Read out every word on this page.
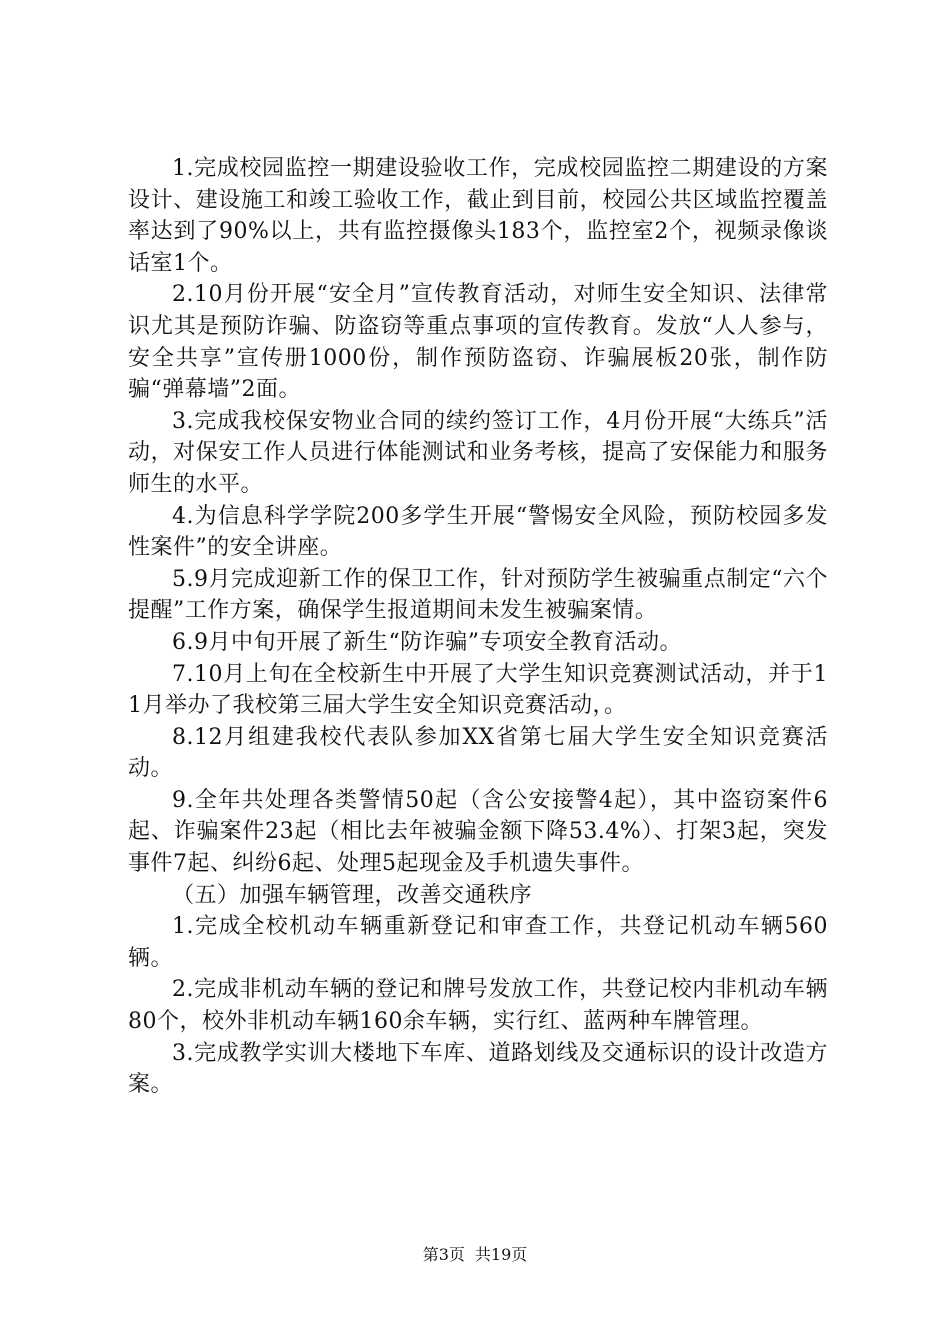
1.完成校园监控一期建设验收工作，完成校园监控二期建设的方案设计、建设施工和竣工验收工作，截止到目前，校园公共区域监控覆盖率达到了90%以上，共有监控摄像头183个，监控室2个，视频录像谈话室1个。

2.10月份开展“安全月”宣传教育活动，对师生安全知识、法律常识尤其是预防诈骗、防盗窃等重点事项的宣传教育。发放“人人参与，安全共享”宣传册1000份，制作预防盗窃、诈骗展板20张，制作防骗“弹幕墙”2面。

3.完成我校保安物业合同的续约签订工作，4月份开展“大练兵”活动，对保安工作人员进行体能测试和业务考核，提高了安保能力和服务师生的水平。

4.为信息科学学院200多学生开展“警惕安全风险，预防校园多发性案件”的安全讲座。

5.9月完成迎新工作的保卫工作，针对预防学生被骗重点制定“六个提醒”工作方案，确保学生报道期间未发生被骗案情。

6.9月中旬开展了新生“防诈骗”专项安全教育活动。

7.10月上旬在全校新生中开展了大学生知识竞赛测试活动，并于11月举办了我校第三届大学生安全知识竞赛活动，。

8.12月组建我校代表队参加XX省第七届大学生安全知识竞赛活动。

9.全年共处理各类警情50起（含公安接警4起），其中盗窃案件6起、诈骗案件23起（相比去年被骗金额下降53.4%）、打架3起，突发事件7起、纠纷6起、处理5起现金及手机遗失事件。

（五）加强车辆管理，改善交通秩序

1.完成全校机动车辆重新登记和审查工作，共登记机动车辆560辆。

2.完成非机动车辆的登记和牌号发放工作，共登记校内非机动车辆80个，校外非机动车辆160余车辆，实行红、蓝两种车牌管理。

3.完成教学实训大楼地下车库、道路划线及交通标识的设计改造方案。

第3页 共19页
